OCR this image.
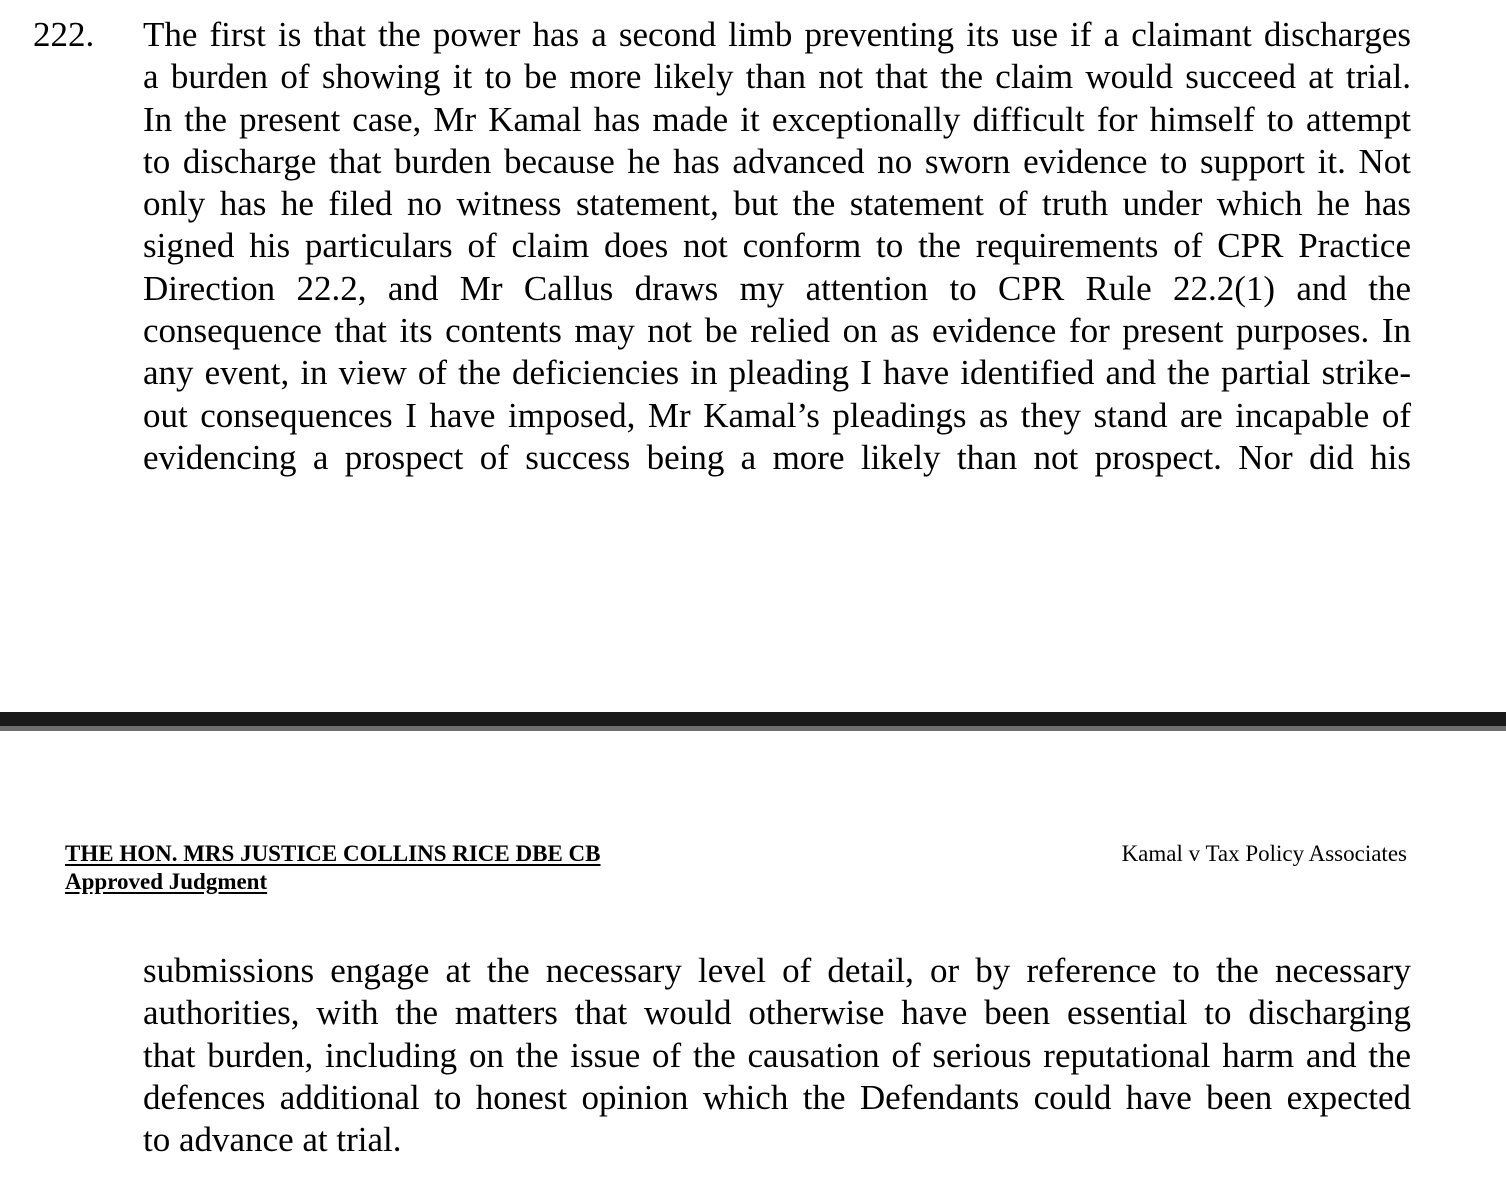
222. The first is that the power has a second limb preventing its use if a claimant discharges
a burden of showing it to be more likely than not that the claim would succeed at trial.
In the present case, Mr Kamal has made it exceptionally difficult for himself to attempt
to discharge that burden because he has advanced no sworn evidence to support it. Not
only has he filed no witness statement, but the statement of truth under which he has
signed his particulars of claim does not conform to the requirements of CPR Practice
Direction 22.2, and Mr Callus draws my attention to CPR Rule 22.2(1) and the
consequence that its contents may not be relied on as evidence for present purposes. In
any event, in view of the deficiencies in pleading I have identified and the partial strike-
out consequences I have imposed, Mr Kamal’s pleadings as they stand are incapable of
evidencing a prospect of success being a more likely than not prospect. Nor did his
THE HON. MRS JUSTICE COLLINS RICE DBE CB
Approved Judgment
Kamal v Tax Policy Associates
submissions engage at the necessary level of detail, or by reference to the necessary
authorities, with the matters that would otherwise have been essential to discharging
that burden, including on the issue of the causation of serious reputational harm and the
defences additional to honest opinion which the Defendants could have been expected
to advance at trial.
